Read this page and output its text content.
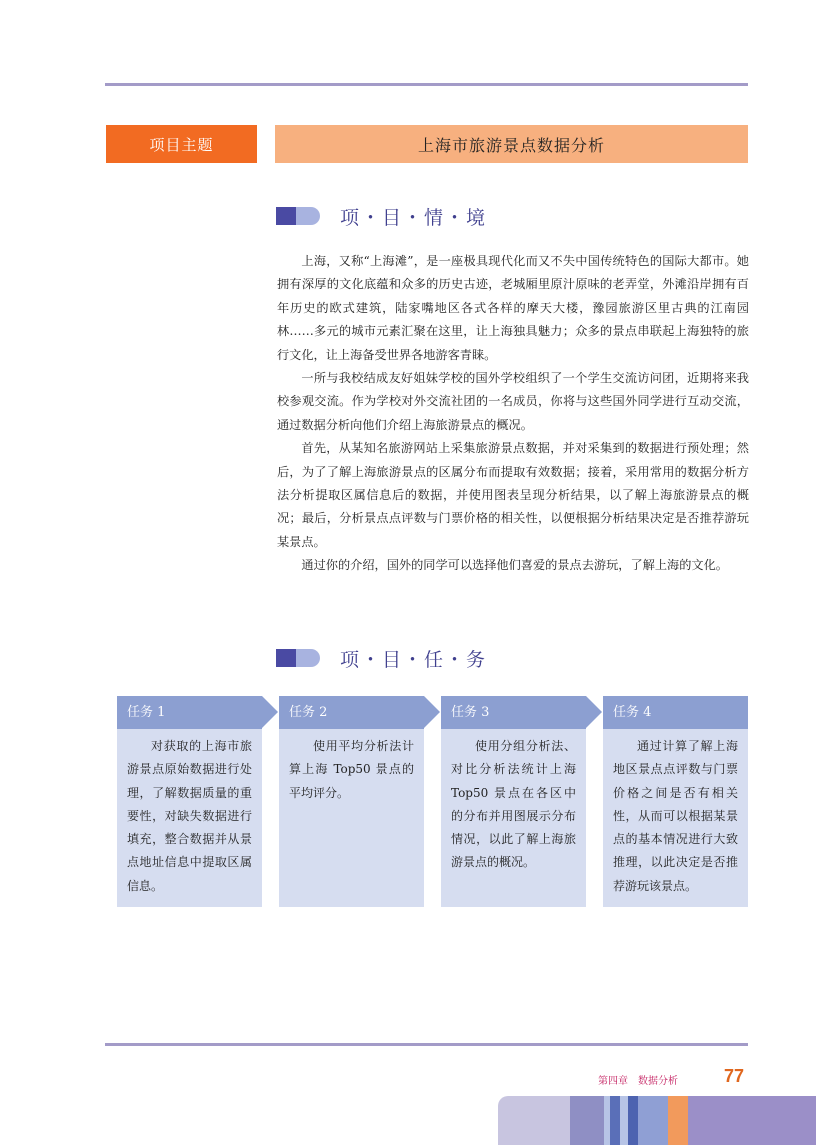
项目主题	上海市旅游景点数据分析
项・目・情・境

上海，又称“上海滩”，是一座极具现代化而又不失中国传统特色的国际大都市。她拥有深厚的文化底蕴和众多的历史古迹，老城厢里原汁原味的老弄堂，外滩沿岸拥有百年历史的欧式建筑，陆家嘴地区各式各样的摩天大楼，豫园旅游区里古典的江南园林……多元的城市元素汇聚在这里，让上海独具魅力；众多的景点串联起上海独特的旅行文化，让上海备受世界各地游客青睐。

一所与我校结成友好姐妹学校的国外学校组织了一个学生交流访问团，近期将来我校参观交流。作为学校对外交流社团的一名成员，你将与这些国外同学进行互动交流，通过数据分析向他们介绍上海旅游景点的概况。

首先，从某知名旅游网站上采集旅游景点数据，并对采集到的数据进行预处理；然后，为了了解上海旅游景点的区属分布而提取有效数据；接着，采用常用的数据分析方法分析提取区属信息后的数据，并使用图表呈现分析结果，以了解上海旅游景点的概况；最后，分析景点点评数与门票价格的相关性，以便根据分析结果决定是否推荐游玩某景点。

通过你的介绍，国外的同学可以选择他们喜爱的景点去游玩，了解上海的文化。

项・目・任・务
任务 1
对获取的上海市旅游景点原始数据进行处理，了解数据质量的重要性，对缺失数据进行填充，整合数据并从景点地址信息中提取区属信息。
任务 2
使用平均分析法计算上海 Top50 景点的平均评分。
任务 3
使用分组分析法、对比分析法统计上海 Top50 景点在各区中的分布并用图展示分布情况，以此了解上海旅游景点的概况。
任务 4
通过计算了解上海地区景点点评数与门票价格之间是否有相关性，从而可以根据某景点的基本情况进行大致推理，以此决定是否推荐游玩该景点。
第四章　数据分析	77
